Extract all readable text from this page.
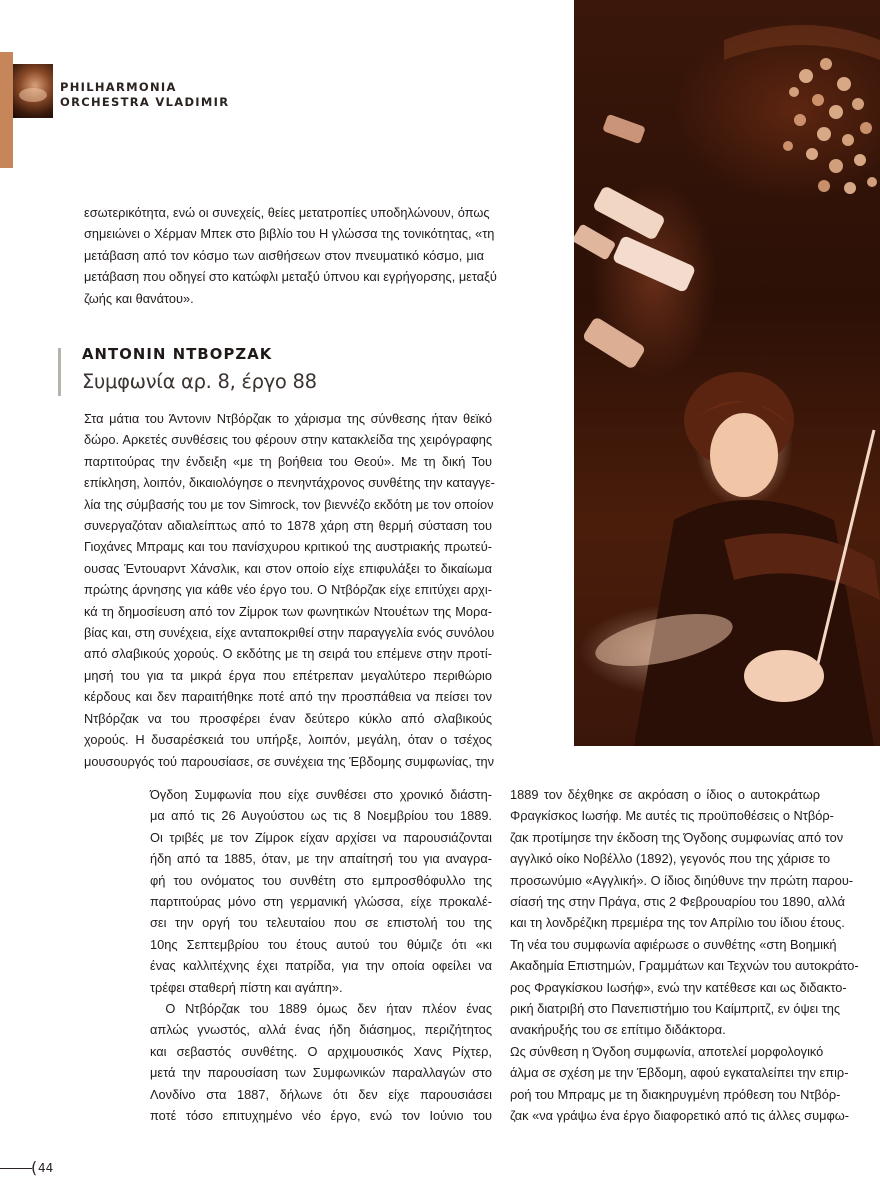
PHILHARMONIA
ORCHESTRA VLADIMIR
εσωτερικότητα, ενώ οι συνεχείς, θείες μετατροπίες υποδηλώνουν, όπως
σημειώνει ο Χέρμαν Μπεκ στο βιβλίο του Η γλώσσα της τονικότητας, «τη
μετάβαση από τον κόσμο των αισθήσεων στον πνευματικό κόσμο, μια
μετάβαση που οδηγεί στο κατώφλι μεταξύ ύπνου και εγρήγορσης, μεταξύ
ζωής και θανάτου».
ΑΝΤΟΝΙΝ ΝΤΒΟΡΖΑΚ
Συμφωνία αρ. 8, έργο 88
Στα μάτια του Άντονιν Ντβόρζακ το χάρισμα της σύνθεσης ήταν θεϊκό
δώρο. Αρκετές συνθέσεις του φέρουν στην κατακλείδα της χειρόγραφης
παρτιτούρας την ένδειξη «με τη βοήθεια του Θεού». Με τη δική Του
επίκληση, λοιπόν, δικαιολόγησε ο πενηντάχρονος συνθέτης την καταγγε-
λία της σύμβασής του με τον Simrock, τον βιεννέζο εκδότη με τον οποίον
συνεργαζόταν αδιαλείπτως από το 1878 χάρη στη θερμή σύσταση του
Γιοχάνες Μπραμς και του πανίσχυρου κριτικού της αυστριακής πρωτεύ-
ουσας Έντουαρντ Χάνσλικ, και στον οποίο είχε επιφυλάξει το δικαίωμα
πρώτης άρνησης για κάθε νέο έργο του. Ο Ντβόρζακ είχε επιτύχει αρχι-
κά τη δημοσίευση από τον Ζίμροκ των φωνητικών Ντουέτων της Μορα-
βίας και, στη συνέχεια, είχε ανταποκριθεί στην παραγγελία ενός συνόλου
από σλαβικούς χορούς. Ο εκδότης με τη σειρά του επέμενε στην προτί-
μησή του για τα μικρά έργα που επέτρεπαν μεγαλύτερο περιθώριο
κέρδους και δεν παραιτήθηκε ποτέ από την προσπάθεια να πείσει τον
Ντβόρζακ να του προσφέρει έναν δεύτερο κύκλο από σλαβικούς
χορούς. Η δυσαρέσκειά του υπήρξε, λοιπόν, μεγάλη, όταν ο τσέχος
μουσουργός τού παρουσίασε, σε συνέχεια της Έβδομης συμφωνίας, την
Όγδοη Συμφωνία που είχε συνθέσει στο χρονικό διάστη-
μα από τις 26 Αυγούστου ως τις 8 Νοεμβρίου του 1889.
Οι τριβές με τον Ζίμροκ είχαν αρχίσει να παρουσιάζονται
ήδη από τα 1885, όταν, με την απαίτησή του για αναγρα-
φή του ονόματος του συνθέτη στο εμπροσθόφυλλο της
παρτιτούρας μόνο στη γερμανική γλώσσα, είχε προκαλέ-
σει την οργή του τελευταίου που σε επιστολή του της
10ης Σεπτεμβρίου του έτους αυτού του θύμιζε ότι «κι
ένας καλλιτέχνης έχει πατρίδα, για την οποία οφείλει να
τρέφει σταθερή πίστη και αγάπη».
Ο Ντβόρζακ του 1889 όμως δεν ήταν πλέον ένας
απλώς γνωστός, αλλά ένας ήδη διάσημος, περιζήτητος
και σεβαστός συνθέτης. Ο αρχιμουσικός Χανς Ρίχτερ,
μετά την παρουσίαση των Συμφωνικών παραλλαγών στο
Λονδίνο στα 1887, δήλωνε ότι δεν είχε παρουσιάσει
ποτέ τόσο επιτυχημένο νέο έργο, ενώ τον Ιούνιο του
1889 τον δέχθηκε σε ακρόαση ο ίδιος ο αυτοκράτωρ
Φραγκίσκος Ιωσήφ. Με αυτές τις προϋποθέσεις ο Ντβόρ-
ζακ προτίμησε την έκδοση της Όγδοης συμφωνίας από τον
αγγλικό οίκο Νοβέλλο (1892), γεγονός που της χάρισε το
προσωνύμιο «Αγγλική». Ο ίδιος διηύθυνε την πρώτη παρου-
σίασή της στην Πράγα, στις 2 Φεβρουαρίου του 1890, αλλά
και τη λονδρέζικη πρεμιέρα της τον Απρίλιο του ίδιου έτους.
Τη νέα του συμφωνία αφιέρωσε ο συνθέτης «στη Βοημική
Ακαδημία Επιστημών, Γραμμάτων και Τεχνών του αυτοκράτο-
ρος Φραγκίσκου Ιωσήφ», ενώ την κατέθεσε και ως διδακτο-
ρική διατριβή στο Πανεπιστήμιο του Καίμπριτζ, εν όψει της
ανακήρυξής του σε επίτιμο διδάκτορα.
Ως σύνθεση η Όγδοη συμφωνία, αποτελεί μορφολογικό
άλμα σε σχέση με την Έβδομη, αφού εγκαταλείπει την επιρ-
ροή του Μπραμς με τη διακηρυγμένη πρόθεση του Ντβόρ-
ζακ «να γράψω ένα έργο διαφορετικό από τις άλλες συμφω-
( 44
